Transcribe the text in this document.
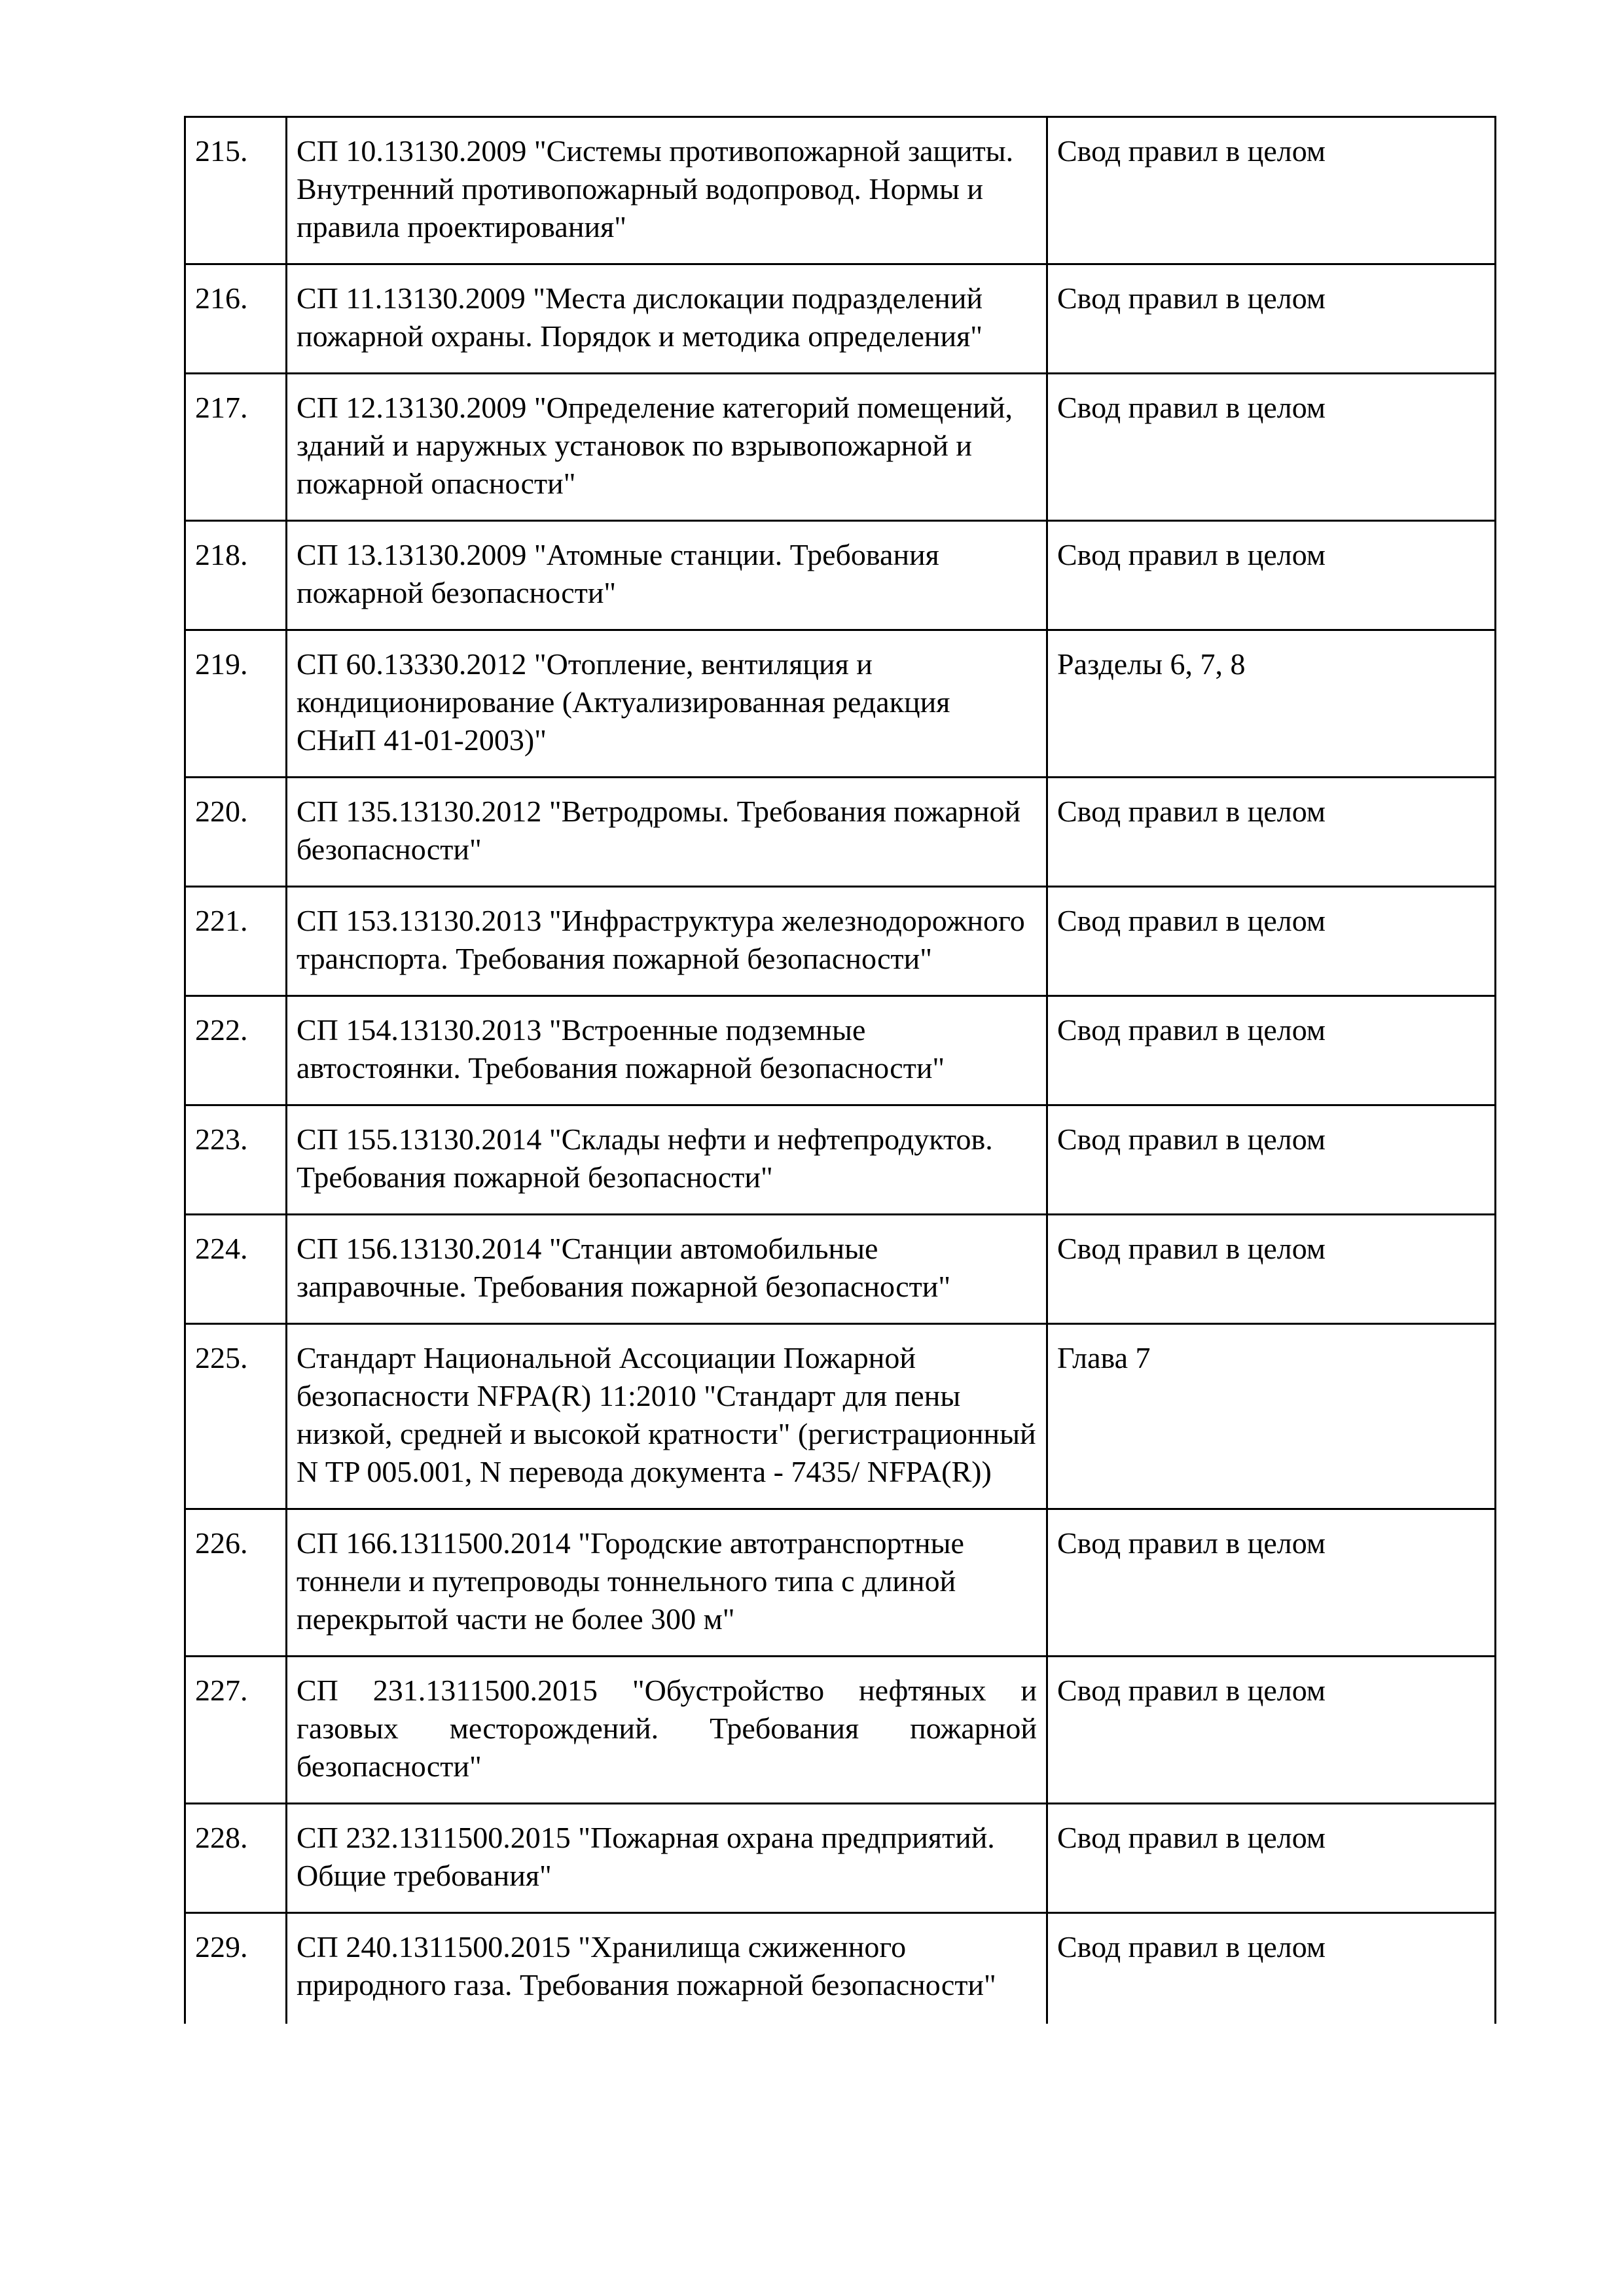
215.	СП 10.13130.2009 "Системы противопожарной защиты. Внутренний противопожарный водопровод. Нормы и правила проектирования"	Свод правил в целом
216.	СП 11.13130.2009 "Места дислокации подразделений пожарной охраны. Порядок и методика определения"	Свод правил в целом
217.	СП 12.13130.2009 "Определение категорий помещений, зданий и наружных установок по взрывопожарной и пожарной опасности"	Свод правил в целом
218.	СП 13.13130.2009 "Атомные станции. Требования пожарной безопасности"	Свод правил в целом
219.	СП 60.13330.2012 "Отопление, вентиляция и кондиционирование (Актуализированная редакция СНиП 41-01-2003)"	Разделы 6, 7, 8
220.	СП 135.13130.2012 "Ветродромы. Требования пожарной безопасности"	Свод правил в целом
221.	СП 153.13130.2013 "Инфраструктура железнодорожного транспорта. Требования пожарной безопасности"	Свод правил в целом
222.	СП 154.13130.2013 "Встроенные подземные автостоянки. Требования пожарной безопасности"	Свод правил в целом
223.	СП 155.13130.2014 "Склады нефти и нефтепродуктов. Требования пожарной безопасности"	Свод правил в целом
224.	СП 156.13130.2014 "Станции автомобильные заправочные. Требования пожарной безопасности"	Свод правил в целом
225.	Стандарт Национальной Ассоциации Пожарной безопасности NFPA(R) 11:2010 "Стандарт для пены низкой, средней и высокой кратности" (регистрационный N TP 005.001, N перевода документа - 7435/ NFPA(R))	Глава 7
226.	СП 166.1311500.2014 "Городские автотранспортные тоннели и путепроводы тоннельного типа с длиной перекрытой части не более 300 м"	Свод правил в целом
227.	СП 231.1311500.2015 "Обустройство нефтяных и газовых месторождений. Требования пожарной безопасности"	Свод правил в целом
228.	СП 232.1311500.2015 "Пожарная охрана предприятий. Общие требования"	Свод правил в целом
229.	СП 240.1311500.2015 "Хранилища сжиженного природного газа. Требования пожарной безопасности"	Свод правил в целом
